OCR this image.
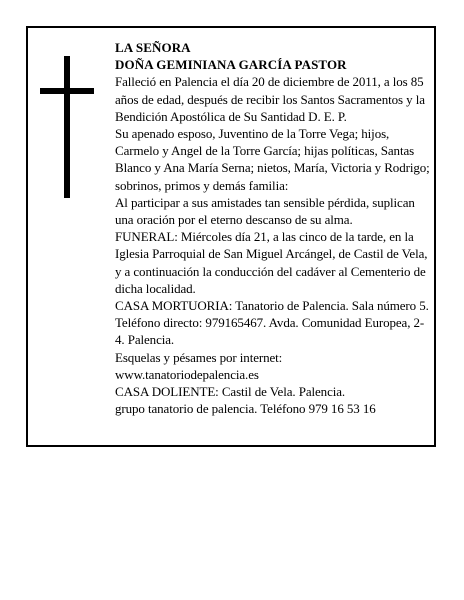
LA SEÑORA

DOÑA GEMINIANA GARCÍA PASTOR

Falleció en Palencia el día 20 de diciembre de 2011, a los 85 años de edad, después de recibir los Santos Sacramentos y la Bendición Apostólica de Su Santidad D. E. P.

Su apenado esposo, Juventino de la Torre Vega; hijos, Carmelo y Angel de la Torre García; hijas políticas, Santas Blanco y Ana María Serna; nietos, María, Victoria y Rodrigo; sobrinos, primos y demás familia:

Al participar a sus amistades tan sensible pérdida, suplican una oración por el eterno descanso de su alma.

FUNERAL: Miércoles día 21, a las cinco de la tarde, en la Iglesia Parroquial de San Miguel Arcángel, de Castil de Vela, y a continuación la conducción del cadáver al Cementerio de dicha localidad.

CASA MORTUORIA: Tanatorio de Palencia. Sala número 5. Teléfono directo: 979165467. Avda. Comunidad Europea, 2-4. Palencia.

Esquelas y pésames por internet:

www.tanatoriodepalencia.es

CASA DOLIENTE: Castil de Vela. Palencia.

grupo tanatorio de palencia. Teléfono 979 16 53 16
